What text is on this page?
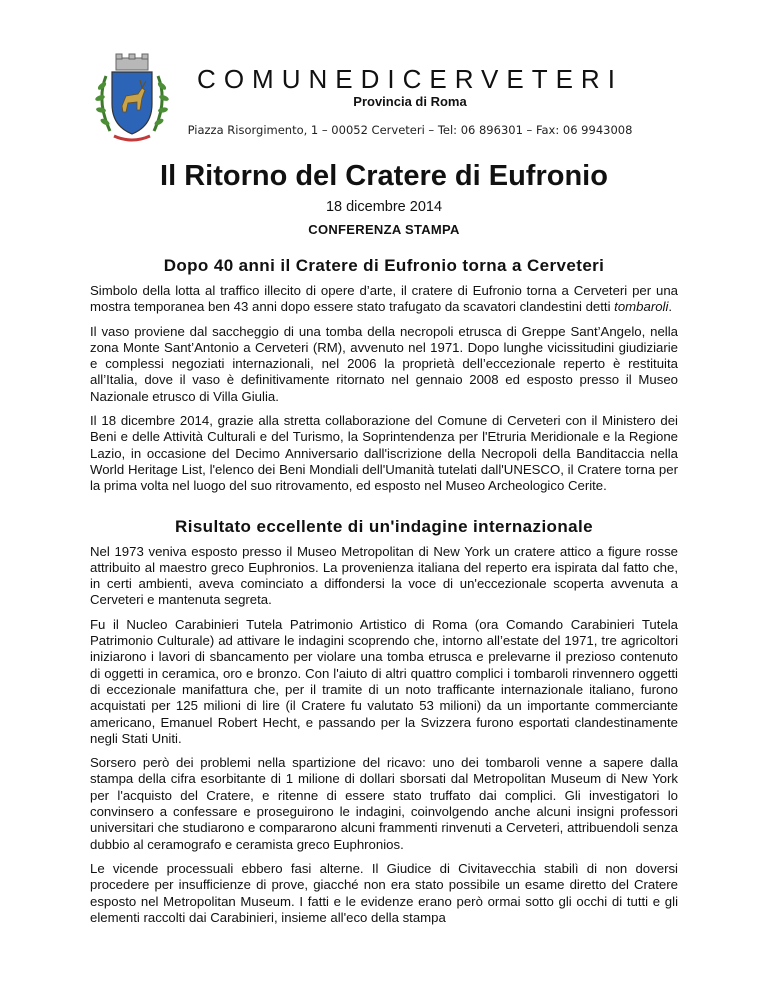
COMUNEDICERVETERI
Provincia di Roma
Piazza Risorgimento, 1 – 00052 Cerveteri – Tel: 06 896301 – Fax: 06 9943008
Il Ritorno del Cratere di Eufronio
18 dicembre 2014
CONFERENZA STAMPA
Dopo 40 anni il Cratere di Eufronio torna a Cerveteri

Simbolo della lotta al traffico illecito di opere d’arte, il cratere di Eufronio torna a Cerveteri per una mostra temporanea ben 43 anni dopo essere stato trafugato da scavatori clandestini detti tombaroli.

Il vaso proviene dal saccheggio di una tomba della necropoli etrusca di Greppe Sant’Angelo, nella zona Monte Sant’Antonio a Cerveteri (RM), avvenuto nel 1971. Dopo lunghe vicissitudini giudiziarie e complessi negoziati internazionali, nel 2006 la proprietà dell’eccezionale reperto è restituita all’Italia, dove il vaso è definitivamente ritornato nel gennaio 2008 ed esposto presso il Museo Nazionale etrusco di Villa Giulia.

Il 18 dicembre 2014, grazie alla stretta collaborazione del Comune di Cerveteri con il Ministero dei Beni e delle Attività Culturali e del Turismo, la Soprintendenza per l'Etruria Meridionale e la Regione Lazio, in occasione del Decimo Anniversario dall'iscrizione della Necropoli della Banditaccia nella World Heritage List, l'elenco dei Beni Mondiali dell'Umanità tutelati dall'UNESCO, il Cratere torna per la prima volta nel luogo del suo ritrovamento, ed esposto nel Museo Archeologico Cerite.

Risultato eccellente di un'indagine internazionale

Nel 1973 veniva esposto presso il Museo Metropolitan di New York un cratere attico a figure rosse attribuito al maestro greco Euphronios. La provenienza italiana del reperto era ispirata dal fatto che, in certi ambienti, aveva cominciato a diffondersi la voce di un'eccezionale scoperta avvenuta a Cerveteri e mantenuta segreta.

Fu il Nucleo Carabinieri Tutela Patrimonio Artistico di Roma (ora Comando Carabinieri Tutela Patrimonio Culturale) ad attivare le indagini scoprendo che, intorno all’estate del 1971, tre agricoltori iniziarono i lavori di sbancamento per violare una tomba etrusca e prelevarne il prezioso contenuto di oggetti in ceramica, oro e bronzo. Con l'aiuto di altri quattro complici i tombaroli rinvennero oggetti di eccezionale manifattura che, per il tramite di un noto trafficante internazionale italiano, furono acquistati per 125 milioni di lire (il Cratere fu valutato 53 milioni) da un importante commerciante americano, Emanuel Robert Hecht, e passando per la Svizzera furono esportati clandestinamente negli Stati Uniti.

Sorsero però dei problemi nella spartizione del ricavo: uno dei tombaroli venne a sapere dalla stampa della cifra esorbitante di 1 milione di dollari sborsati dal Metropolitan Museum di New York per l'acquisto del Cratere, e ritenne di essere stato truffato dai complici. Gli investigatori lo convinsero a confessare e proseguirono le indagini, coinvolgendo anche alcuni insigni professori universitari che studiarono e compararono alcuni frammenti rinvenuti a Cerveteri, attribuendoli senza dubbio al ceramografo e ceramista greco Euphronios.

Le vicende processuali ebbero fasi alterne. Il Giudice di Civitavecchia stabilì di non doversi procedere per insufficienze di prove, giacché non era stato possibile un esame diretto del Cratere esposto nel Metropolitan Museum. I fatti e le evidenze erano però ormai sotto gli occhi di tutti e gli elementi raccolti dai Carabinieri, insieme all'eco della stampa
